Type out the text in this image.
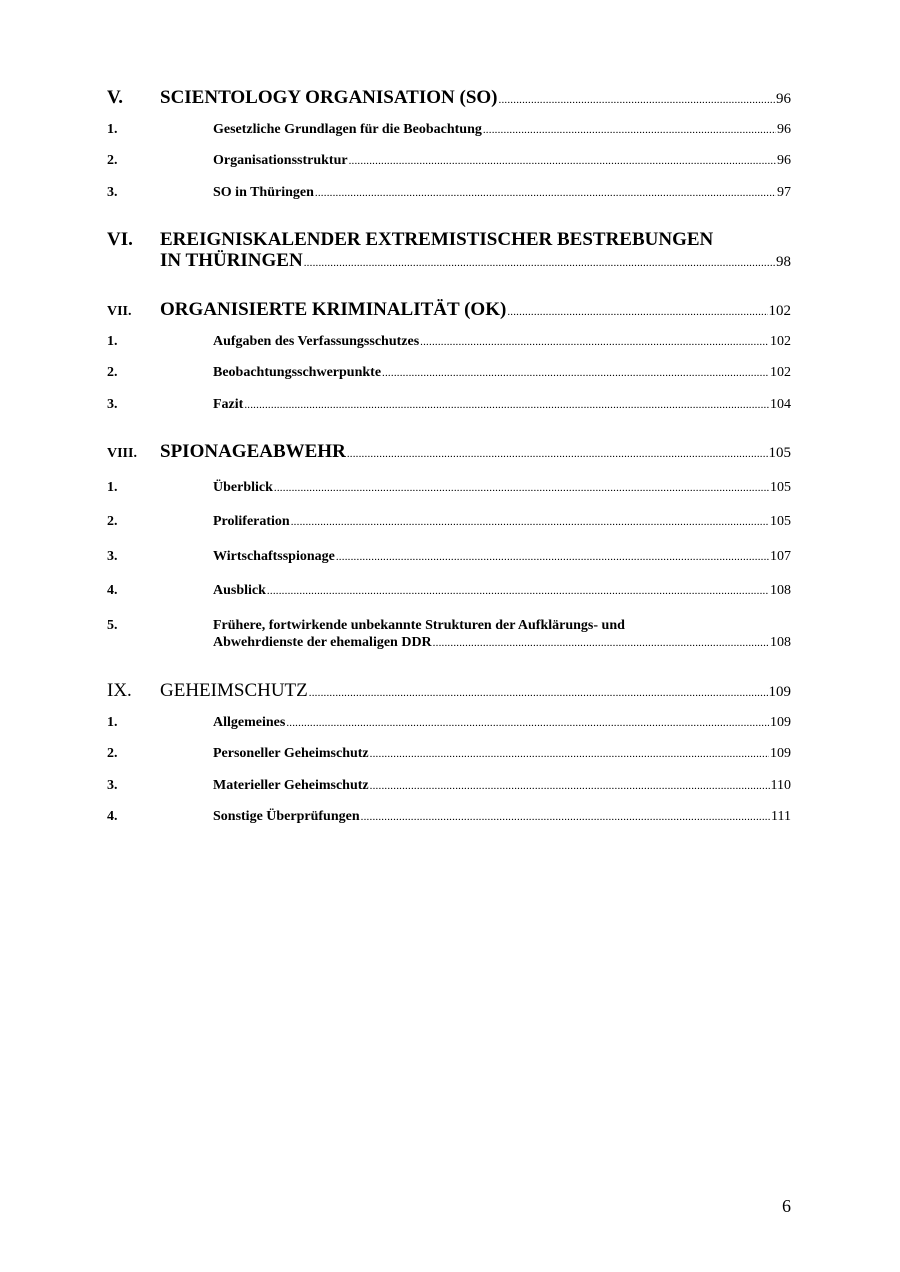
V. SCIENTOLOGY ORGANISATION (SO) .....	96
1.	Gesetzliche Grundlagen für die Beobachtung .....	96
2.	Organisationsstruktur .....	96
3.	SO in Thüringen .....	97
VI. EREIGNISKALENDER EXTREMISTISCHER BESTREBUNGEN
IN THÜRINGEN .....	98
VII. ORGANISIERTE KRIMINALITÄT (OK) .....	102
1.	Aufgaben des Verfassungsschutzes .....	102
2.	Beobachtungsschwerpunkte .....	102
3.	Fazit .....	104
VIII. SPIONAGEABWEHR .....	105
1.	Überblick .....	105
2.	Proliferation .....	105
3.	Wirtschaftsspionage .....	107
4.	Ausblick .....	108
5.	Frühere, fortwirkende unbekannte Strukturen der Aufklärungs- und
Abwehrdienste der ehemaligen DDR .....	108
IX. GEHEIMSCHUTZ .....	109
1.	Allgemeines .....	109
2.	Personeller Geheimschutz .....	109
3.	Materieller Geheimschutz .....	110
4.	Sonstige Überprüfungen .....	111
6
